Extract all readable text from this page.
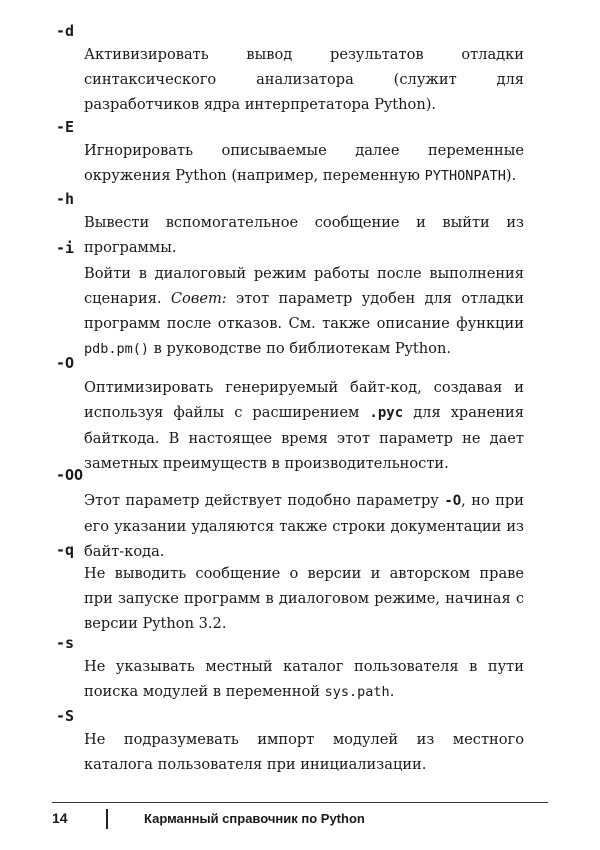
-d
Активизировать вывод результатов отладки синтаксического анализатора (служит для разработчиков ядра интерпретатора Python).
-E
Игнорировать описываемые далее переменные окружения Python (например, переменную PYTHONPATH).
-h
Вывести вспомогательное сообщение и выйти из программы.
-i
Войти в диалоговый режим работы после выполнения сценария. Совет: этот параметр удобен для отладки программ после отказов. См. также описание функции pdb.pm() в руководстве по библиотекам Python.
-O
Оптимизировать генерируемый байт-код, создавая и используя файлы с расширением .pyc для хранения байткода. В настоящее время этот параметр не дает заметных преимуществ в производительности.
-OO
Этот параметр действует подобно параметру -O, но при его указании удаляются также строки документации из байт-кода.
-q
Не выводить сообщение о версии и авторском праве при запуске программ в диалоговом режиме, начиная с версии Python 3.2.
-s
Не указывать местный каталог пользователя в пути поиска модулей в переменной sys.path.
-S
Не подразумевать импорт модулей из местного каталога пользователя при инициализации.
14	Карманный справочник по Python
